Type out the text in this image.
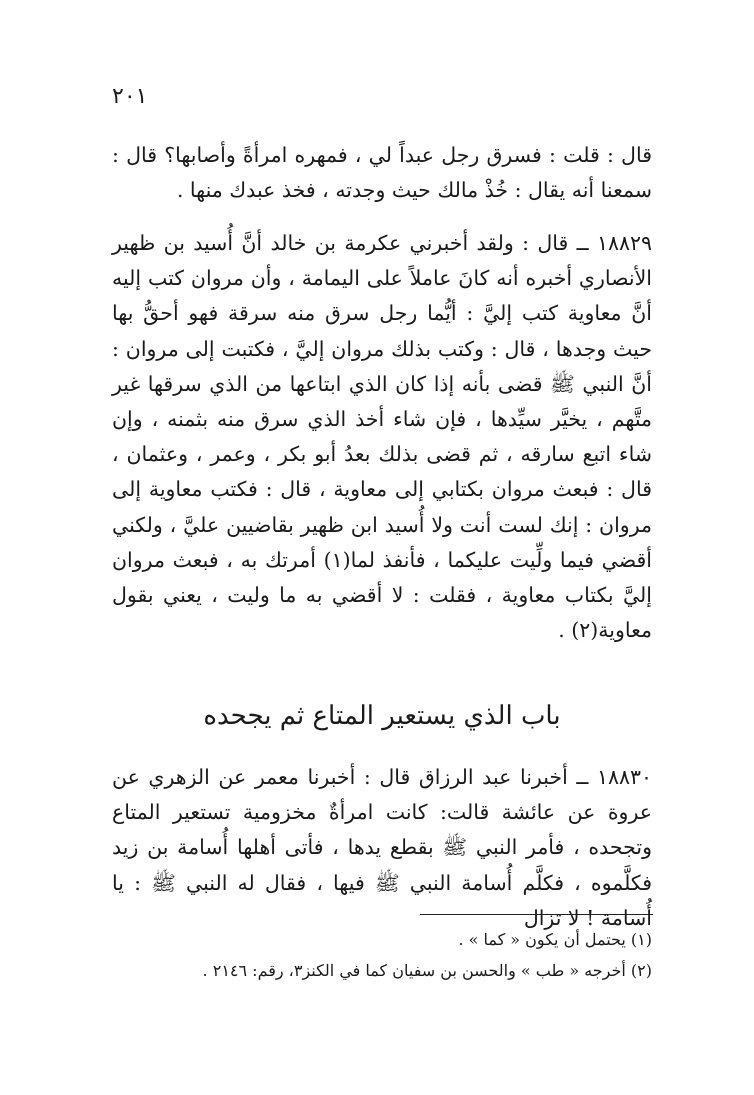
٢٠١

قال : قلت : فسرق رجل عبداً لي ، فمهره امرأةً وأصابها؟ قال : سمعنا أنه يقال : خُذْ مالك حيث وجدته ، فخذ عبدك منها .

١٨٨٢٩ ــ قال : ولقد أخبرني عكرمة بن خالد أنَّ أُسيد بن ظهير الأنصاري أخبره أنه كانَ عاملاً على اليمامة ، وأن مروان كتب إليه أنَّ معاوية كتب إليَّ : أيُّما رجل سرق منه سرقة فهو أحقُّ بها حيث وجدها ، قال : وكتب بذلك مروان إليَّ ، فكتبت إلى مروان : أنَّ النبي ﷺ قضى بأنه إذا كان الذي ابتاعها من الذي سرقها غير متَّهم ، يخيَّر سيِّدها ، فإن شاء أخذ الذي سرق منه بثمنه ، وإن شاء اتبع سارقه ، ثم قضى بذلك بعدُ أبو بكر ، وعمر ، وعثمان ، قال : فبعث مروان بكتابي إلى معاوية ، قال : فكتب معاوية إلى مروان : إنك لست أنت ولا أُسيد ابن ظهير بقاضيين عليَّ ، ولكني أقضي فيما ولِّيت عليكما ، فأنفذ لما(١) أمرتك به ، فبعث مروان إليَّ بكتاب معاوية ، فقلت : لا أقضي به ما وليت ، يعني بقول معاوية(٢) .

باب الذي يستعير المتاع ثم يجحده

١٨٨٣٠ ــ أخبرنا عبد الرزاق قال : أخبرنا معمر عن الزهري عن عروة عن عائشة قالت: كانت امرأةٌ مخزومية تستعير المتاع وتجحده ، فأمر النبي ﷺ بقطع يدها ، فأتى أهلها أُسامة بن زيد فكلَّموه ، فكلَّم أُسامة النبي ﷺ فيها ، فقال له النبي ﷺ : يا أُسامة ! لا تزال

(١) يحتمل أن يكون « كما » .

(٢) أخرجه « طب » والحسن بن سفيان كما في الكنز٣، رقم: ٢١٤٦ .
